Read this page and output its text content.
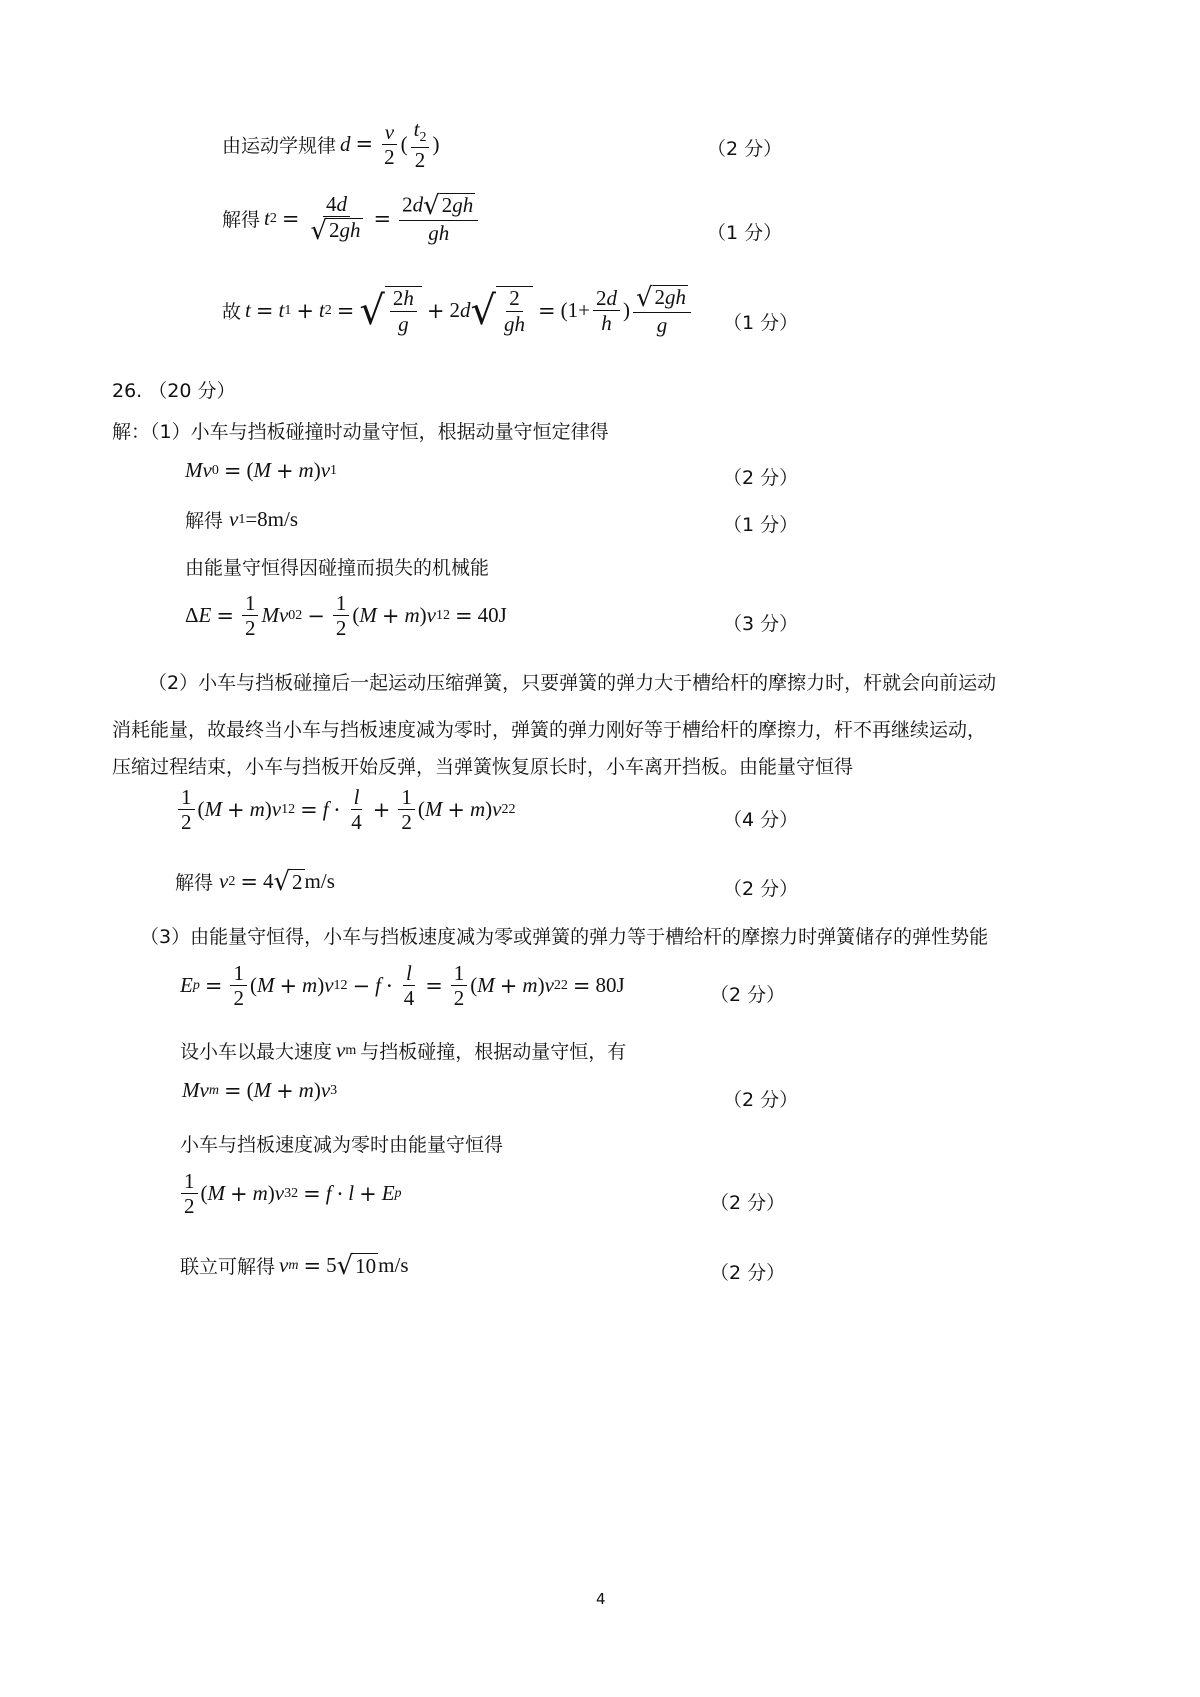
由运动学规律 $d = \frac{v}{2}$ ( $\frac{t_2}{2}$ )	（2 分）
解得 t $2 = \frac{4d}{√ 2gh} = \frac{2d √ 2gh}{gh}$	（1 分）
故 t = t 1 + t 2 = √ $\frac{2h}{g} + 2$ d √ $\frac{2}{gh} = (1+ \frac{2d}{h}$ ) $\frac{√ 2gh}{g} (1$ 分）
26. （20 分）
解：（1）小车与挡板碰撞时动量守恒，根据动量守恒定律得
Mv 0 = ( M + m ) v 1	（2 分）
解得 v 1 =8m/s	（1 分）
由能量守恒得因碰撞而损失的机械能
Δ $E = \frac{1}{2}$ Mv 0 $2 - \frac{1}{2}$ ( M + m ) v 1 2 = 40J	（3 分）
（2）小车与挡板碰撞后一起运动压缩弹簧，只要弹簧的弹力大于槽给杆的摩擦力时，杆就会向前运动
消耗能量，故最终当小车与挡板速度减为零时，弹簧的弹力刚好等于槽给杆的摩擦力，杆不再继续运动，
压缩过程结束，小车与挡板开始反弹，当弹簧恢复原长时，小车离开挡板。由能量守恒得
$\frac{1}{2}$ ( M + m ) v 1 $2 = f \cdot \frac{l}{4} + \frac{1}{2}$ ( M + m ) v 2 2	（4 分）
解得 v 2 = 4 √ 2 m/s	（2 分）
（3）由能量守恒得，小车与挡板速度减为零或弹簧的弹力等于槽给杆的摩擦力时弹簧储存的弹性势能
E $p = \frac{1}{2}$ ( M + m ) v 1 $2 - f \cdot \frac{l}{4} = \frac{1}{2}$ ( M + m ) v 2 2 = 80J	（2 分）
设小车以最大速度 v m 与挡板碰撞，根据动量守恒，有
Mv m = ( M + m ) v 3	（2 分）
小车与挡板速度减为零时由能量守恒得
$\frac{1}{2}$ ( M + m ) v 3 2 = f · l + E p	（2 分）
联立可解得 v m = 5 √ 10 m/s	（2 分）
4
